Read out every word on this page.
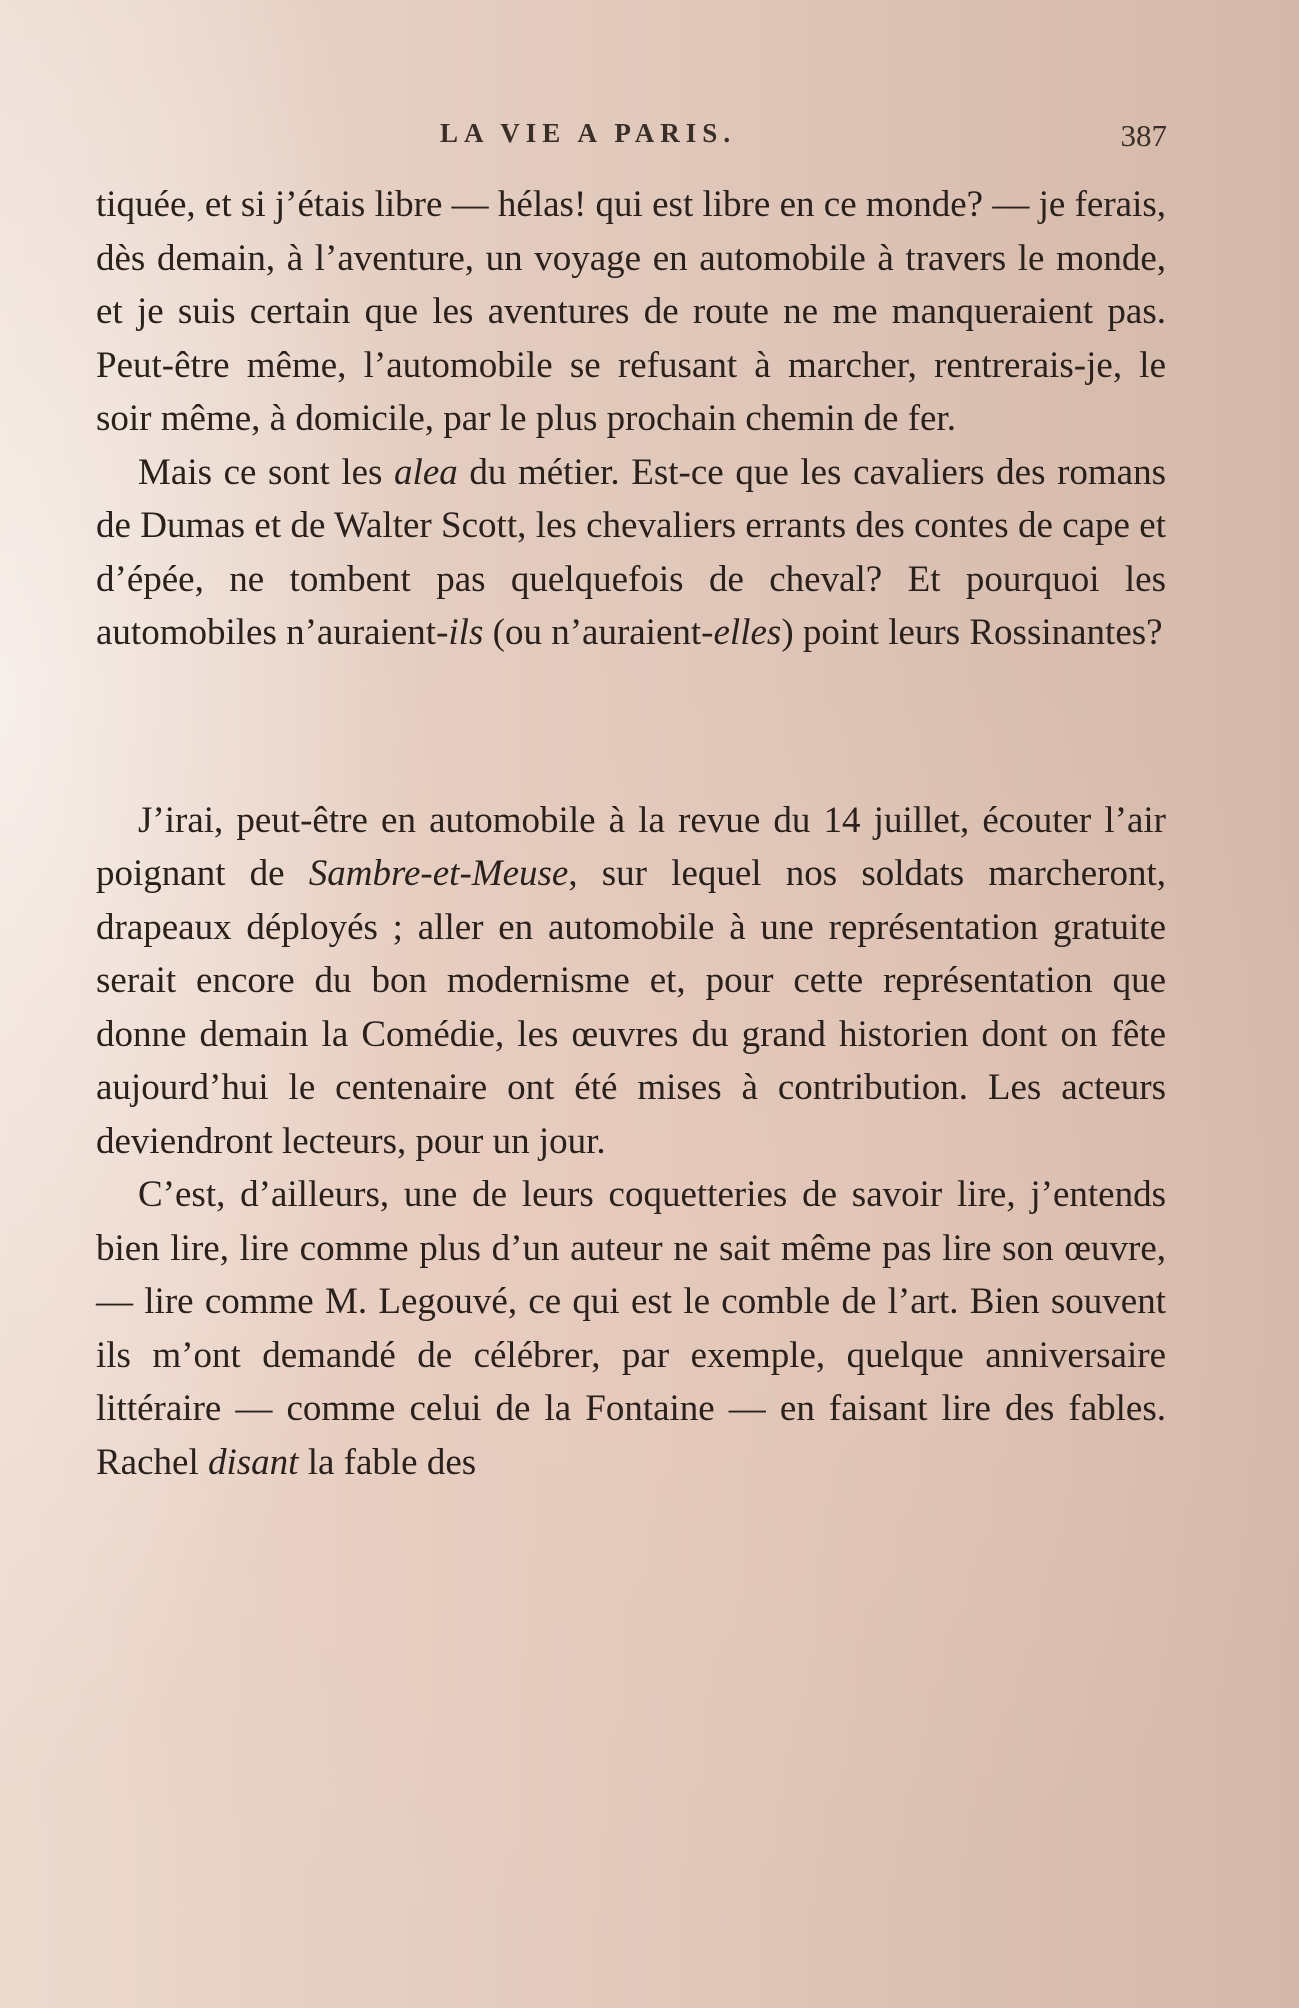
LA VIE A PARIS.	387

tiquée, et si j’étais libre — hélas! qui est libre en ce monde? — je ferais, dès demain, à l’aventure, un voyage en automobile à travers le monde, et je suis certain que les aventures de route ne me manqueraient pas. Peut-être même, l’automobile se refusant à marcher, rentrerais-je, le soir même, à domicile, par le plus prochain chemin de fer.

Mais ce sont les alea du métier. Est-ce que les cavaliers des romans de Dumas et de Walter Scott, les chevaliers errants des contes de cape et d’épée, ne tombent pas quelquefois de cheval? Et pourquoi les automobiles n’auraient-ils (ou n’auraient-elles) point leurs Rossinantes?

J’irai, peut-être en automobile à la revue du 14 juillet, écouter l’air poignant de Sambre-et-Meuse, sur lequel nos soldats marcheront, drapeaux déployés ; aller en automobile à une représentation gratuite serait encore du bon modernisme et, pour cette représentation que donne demain la Comédie, les œuvres du grand historien dont on fête aujourd’hui le centenaire ont été mises à contribution. Les acteurs deviendront lecteurs, pour un jour.

C’est, d’ailleurs, une de leurs coquetteries de savoir lire, j’entends bien lire, lire comme plus d’un auteur ne sait même pas lire son œuvre, — lire comme M. Legouvé, ce qui est le comble de l’art. Bien souvent ils m’ont demandé de célébrer, par exemple, quelque anniversaire littéraire — comme celui de la Fontaine — en faisant lire des fables. Rachel disant la fable des
